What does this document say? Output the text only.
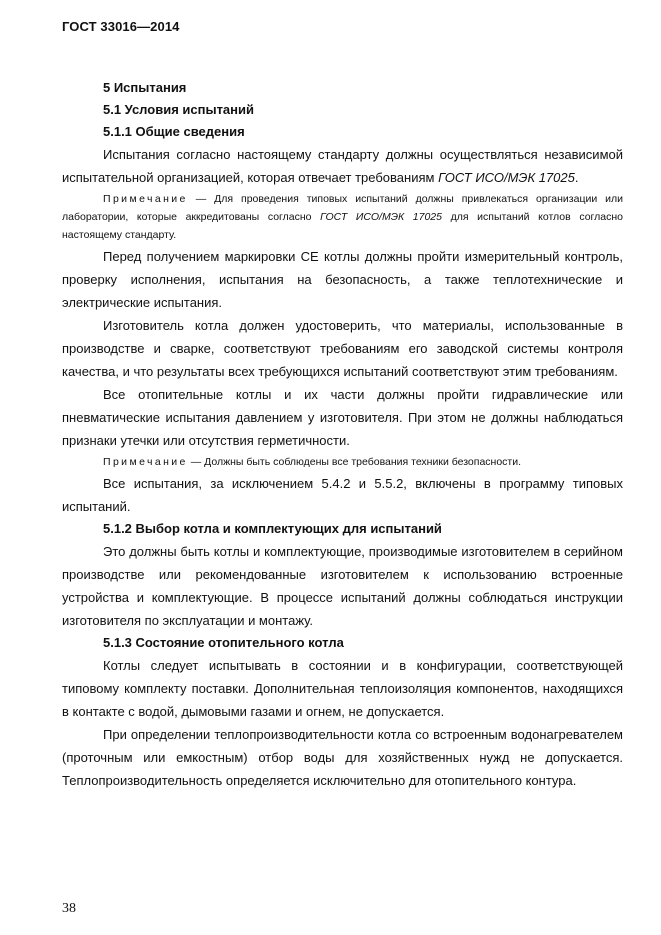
ГОСТ 33016—2014
5 Испытания
5.1 Условия испытаний
5.1.1 Общие сведения

Испытания согласно настоящему стандарту должны осуществляться независимой испытательной организацией, которая отвечает требованиям ГОСТ ИСО/МЭК 17025.

Примечание — Для проведения типовых испытаний должны привлекаться организации или лаборатории, которые аккредитованы согласно ГОСТ ИСО/МЭК 17025 для испытаний котлов согласно настоящему стандарту.

Перед получением маркировки CE котлы должны пройти измерительный контроль, проверку исполнения, испытания на безопасность, а также теплотехнические и электрические испытания.

Изготовитель котла должен удостоверить, что материалы, использованные в производстве и сварке, соответствуют требованиям его заводской системы контроля качества, и что результаты всех требующихся испытаний соответствуют этим требованиям.

Все отопительные котлы и их части должны пройти гидравлические или пневматические испытания давлением у изготовителя. При этом не должны наблюдаться признаки утечки или отсутствия герметичности.

Примечание — Должны быть соблюдены все требования техники безопасности.

Все испытания, за исключением 5.4.2 и 5.5.2, включены в программу типовых испытаний.

5.1.2 Выбор котла и комплектующих для испытаний

Это должны быть котлы и комплектующие, производимые изготовителем в серийном производстве или рекомендованные изготовителем к использованию встроенные устройства и комплектующие. В процессе испытаний должны соблюдаться инструкции изготовителя по эксплуатации и монтажу.

5.1.3 Состояние отопительного котла

Котлы следует испытывать в состоянии и в конфигурации, соответствующей типовому комплекту поставки. Дополнительная теплоизоляция компонентов, находящихся в контакте с водой, дымовыми газами и огнем, не допускается.

При определении теплопроизводительности котла со встроенным водонагревателем (проточным или емкостным) отбор воды для хозяйственных нужд не допускается. Теплопроизводительность определяется исключительно для отопительного контура.

38
